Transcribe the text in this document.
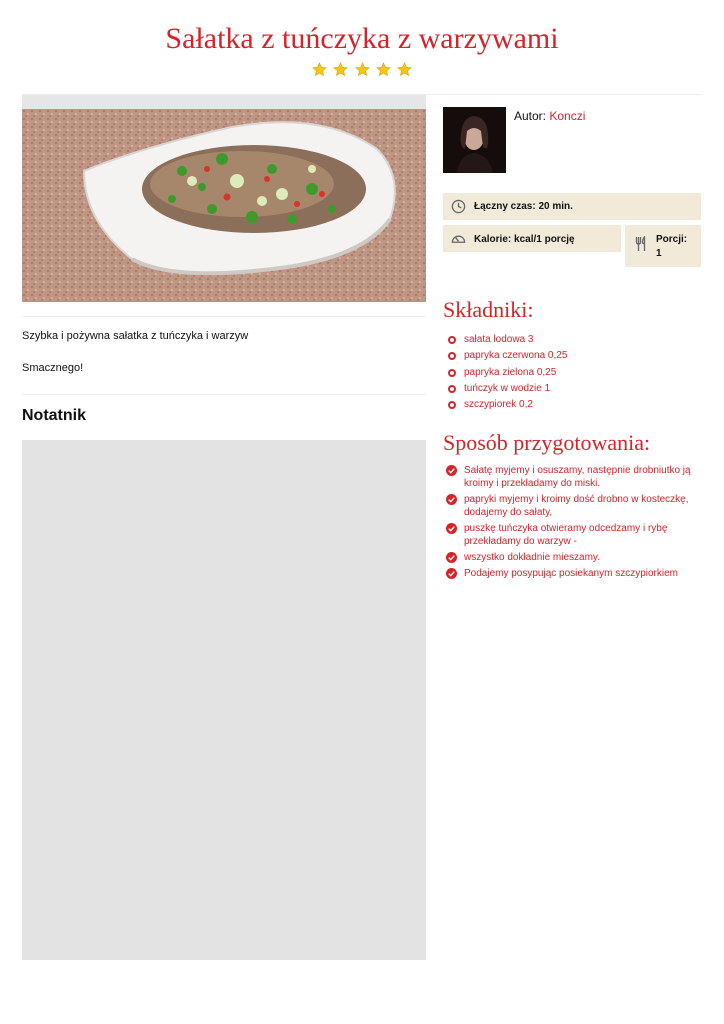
Sałatka z tuńczyka z warzywami

Szybka i pożywna sałatka z tuńczyka i warzyw

Smacznego!

Notatnik
Autor: Konczi
Łączny czas: 20 min.
Kalorie: kcal/1 porcję	Porcji:
1
Składniki:
sałata lodowa 3
papryka czerwona 0,25
papryka zielona 0,25
tuńczyk w wodzie 1
szczypiorek 0,2
Sposób przygotowania:
Sałatę myjemy i osuszamy, następnie drobniutko ją kroimy i przekładamy do miski.
papryki myjemy i kroimy dość drobno w kosteczkę, dodajemy do sałaty,
puszkę tuńczyka otwieramy odcedzamy i rybę przekładamy do warzyw -
wszystko dokładnie mieszamy.
Podajemy posypując posiekanym szczypiorkiem
